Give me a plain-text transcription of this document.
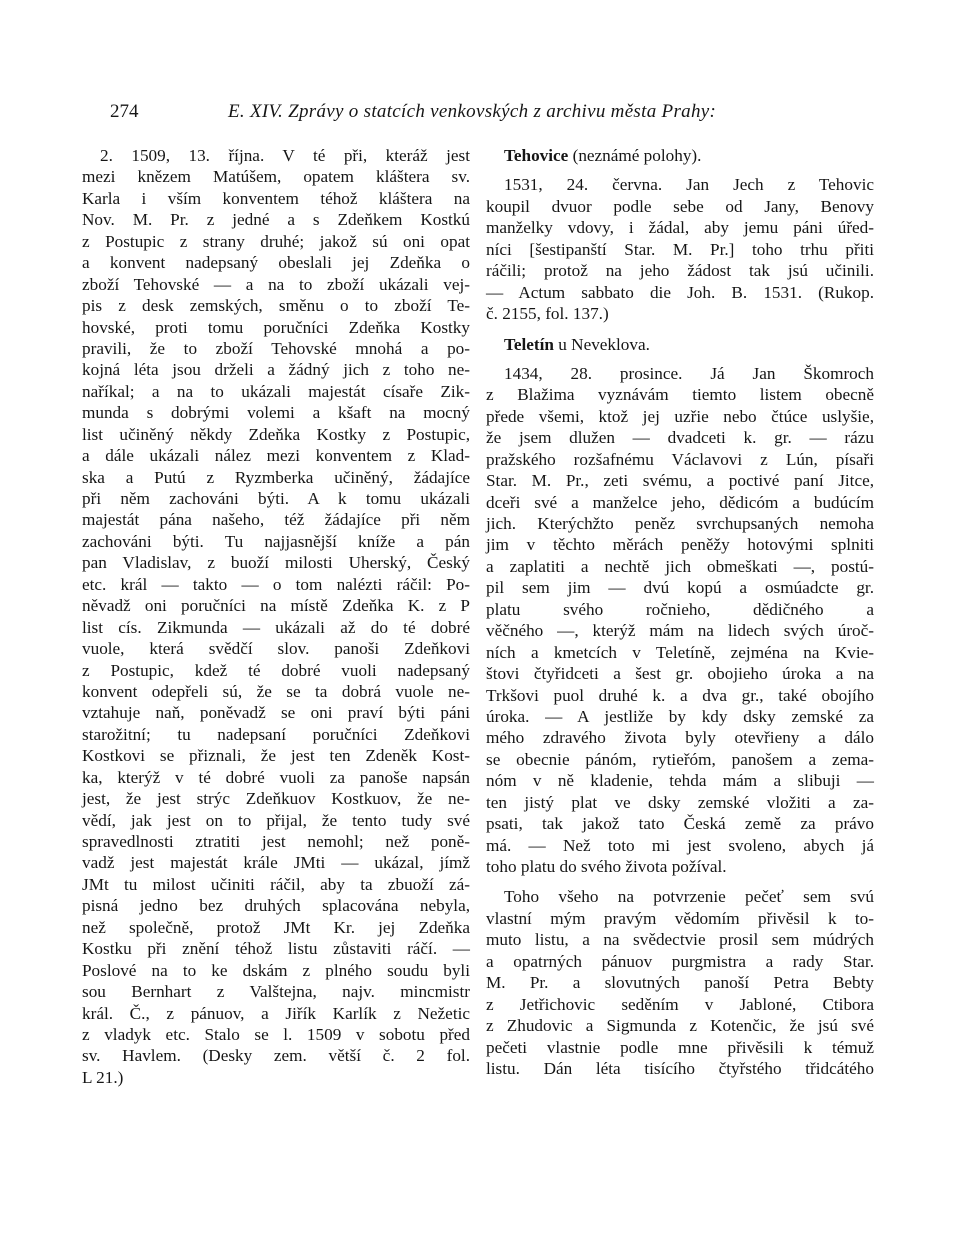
274	E. XIV. Zprávy o statcích venkovských z archivu města Prahy:
2. 1509, 13. října. V té při, kteráž jest
mezi knězem Matúšem, opatem kláštera sv.
Karla i vším konventem téhož kláštera na
Nov. M. Pr. z jedné a s Zdeňkem Kostkú
z Postupic z strany druhé; jakož sú oni opat
a konvent nadepsaný obeslali jej Zdeňka o
zboží Tehovské — a na to zboží ukázali vej-
pis z desk zemských, směnu o to zboží Te-
hovské, proti tomu poručníci Zdeňka Kostky
pravili, že to zboží Tehovské mnohá a po-
kojná léta jsou drželi a žádný jich z toho ne-
naříkal; a na to ukázali majestát císaře Zik-
munda s dobrými volemi a kšaft na mocný
list učiněný někdy Zdeňka Kostky z Postupic,
a dále ukázali nález mezi konventem z Klad-
ska a Putú z Ryzmberka učiněný, žádajíce
při něm zachováni býti. A k tomu ukázali
majestát pána našeho, též žádajíce při něm
zachováni býti. Tu najjasnější kníže a pán
pan Vladislav, z buoží milosti Uherský, Český
etc. král — takto — o tom nalézti ráčil: Po-
něvadž oni poručníci na místě Zdeňka K. z P
list cís. Zikmunda — ukázali až do té dobré
vuole, která svědčí slov. panoši Zdeňkovi
z Postupic, kdež té dobré vuoli nadepsaný
konvent odepřeli sú, že se ta dobrá vuole ne-
vztahuje naň, poněvadž se oni praví býti páni
starožitní; tu nadepsaní poručníci Zdeňkovi
Kostkovi se přiznali, že jest ten Zdeněk Kost-
ka, kterýž v té dobré vuoli za panoše napsán
jest, že jest strýc Zdeňkuov Kostkuov, že ne-
vědí, jak jest on to přijal, že tento tudy své
spravedlnosti ztratiti jest nemohl; než poně-
vadž jest majestát krále JMti — ukázal, jímž
JMt tu milost učiniti ráčil, aby ta zbuoží zá-
pisná jedno bez druhých splacována nebyla,
než společně, protož JMt Kr. jej Zdeňka
Kostku při znění téhož listu zůstaviti ráčí. —
Poslové na to ke dskám z plného soudu byli
sou Bernhart z Valštejna, najv. mincmistr
král. Č., z pánuov, a Jiřík Karlík z Nežetic
z vladyk etc. Stalo se l. 1509 v sobotu před
sv. Havlem. (Desky zem. větší č. 2 fol.
L 21.)
Tehovice (neznámé polohy).
1531, 24. června. Jan Jech z Tehovic
koupil dvuor podle sebe od Jany, Benovy
manželky vdovy, i žádal, aby jemu páni úřed-
níci [šestipanští Star. M. Pr.] toho trhu přiti
ráčili; protož na jeho žádost tak jsú učinili.
— Actum sabbato die Joh. B. 1531. (Rukop.
č. 2155, fol. 137.)
Teletín u Neveklova.
1434, 28. prosince. Já Jan Škomroch
z Blažima vyznávám tiemto listem obecně
přede všemi, ktož jej uzřie nebo čtúce uslyšie,
že jsem dlužen — dvadceti k. gr. — rázu
pražského rozšafnému Václavovi z Lún, písaři
Star. M. Pr., zeti svému, a poctivé paní Jitce,
dceři své a manželce jeho, dědicóm a budúcím
jich. Kterýchžto peněz svrchupsaných nemoha
jim v těchto měrách peněžy hotovými splniti
a zaplatiti a nechtě jich obmeškati —, postú-
pil sem jim — dvú kopú a osmúadcte gr.
platu svého ročnieho, dědičného a
věčného —, kterýž mám na lidech svých úroč-
ních a kmetcích v Teletíně, zejména na Kvie-
štovi čtyřidceti a šest gr. obojieho úroka a na
Trkšovi puol druhé k. a dva gr., také obojího
úroka. — A jestliže by kdy dsky zemské za
mého zdravého života byly otevřieny a dálo
se obecnie pánóm, rytieřóm, panošem a zema-
nóm v ně kladenie, tehda mám a slibuji —
ten jistý plat ve dsky zemské vložiti a za-
psati, tak jakož tato Česká země za právo
má. — Než toto mi jest svoleno, abych já
toho platu do svého života požíval.
Toho všeho na potvrzenie pečeť sem svú
vlastní mým pravým vědomím přivěsil k to-
muto listu, a na svědectvie prosil sem múdrých
a opatrných pánuov purgmistra a rady Star.
M. Pr. a slovutných panoší Petra Bebty
z Jetřichovic seděním v Jabloné, Ctibora
z Zhudovic a Sigmunda z Kotenčic, že jsú své
pečeti vlastnie podle mne přivěsili k témuž
listu. Dán léta tisícího čtyřstého třidcátého
